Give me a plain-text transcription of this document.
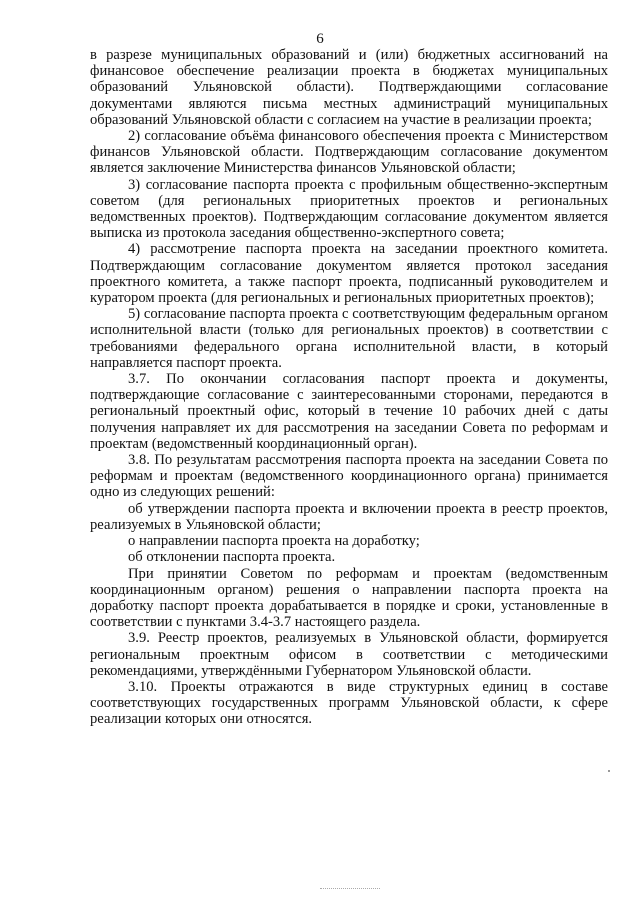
6

в разрезе муниципальных образований и (или) бюджетных ассигнований на финансовое обеспечение реализации проекта в бюджетах муниципальных образований Ульяновской области). Подтверждающими согласование документами являются письма местных администраций муниципальных образований Ульяновской области с согласием на участие в реализации проекта;

2) согласование объёма финансового обеспечения проекта с Министерством финансов Ульяновской области. Подтверждающим согласование документом является заключение Министерства финансов Ульяновской области;

3) согласование паспорта проекта с профильным общественно-экспертным советом (для региональных приоритетных проектов и региональных ведомственных проектов). Подтверждающим согласование документом является выписка из протокола заседания общественно-экспертного совета;

4) рассмотрение паспорта проекта на заседании проектного комитета. Подтверждающим согласование документом является протокол заседания проектного комитета, а также паспорт проекта, подписанный руководителем и куратором проекта (для региональных и региональных приоритетных проектов);

5) согласование паспорта проекта с соответствующим федеральным органом исполнительной власти (только для региональных проектов) в соответствии с требованиями федерального органа исполнительной власти, в который направляется паспорт проекта.

3.7. По окончании согласования паспорт проекта и документы, подтверждающие согласование с заинтересованными сторонами, передаются в региональный проектный офис, который в течение 10 рабочих дней с даты получения направляет их для рассмотрения на заседании Совета по реформам и проектам (ведомственный координационный орган).

3.8. По результатам рассмотрения паспорта проекта на заседании Совета по реформам и проектам (ведомственного координационного органа) принимается одно из следующих решений:

об утверждении паспорта проекта и включении проекта в реестр проектов, реализуемых в Ульяновской области;

о направлении паспорта проекта на доработку;

об отклонении паспорта проекта.

При принятии Советом по реформам и проектам (ведомственным координационным органом) решения о направлении паспорта проекта на доработку паспорт проекта дорабатывается в порядке и сроки, установленные в соответствии с пунктами 3.4-3.7 настоящего раздела.

3.9. Реестр проектов, реализуемых в Ульяновской области, формируется региональным проектным офисом в соответствии с методическими рекомендациями, утверждёнными Губернатором Ульяновской области.

3.10. Проекты отражаются в виде структурных единиц в составе соответствующих государственных программ Ульяновской области, к сфере реализации которых они относятся.
